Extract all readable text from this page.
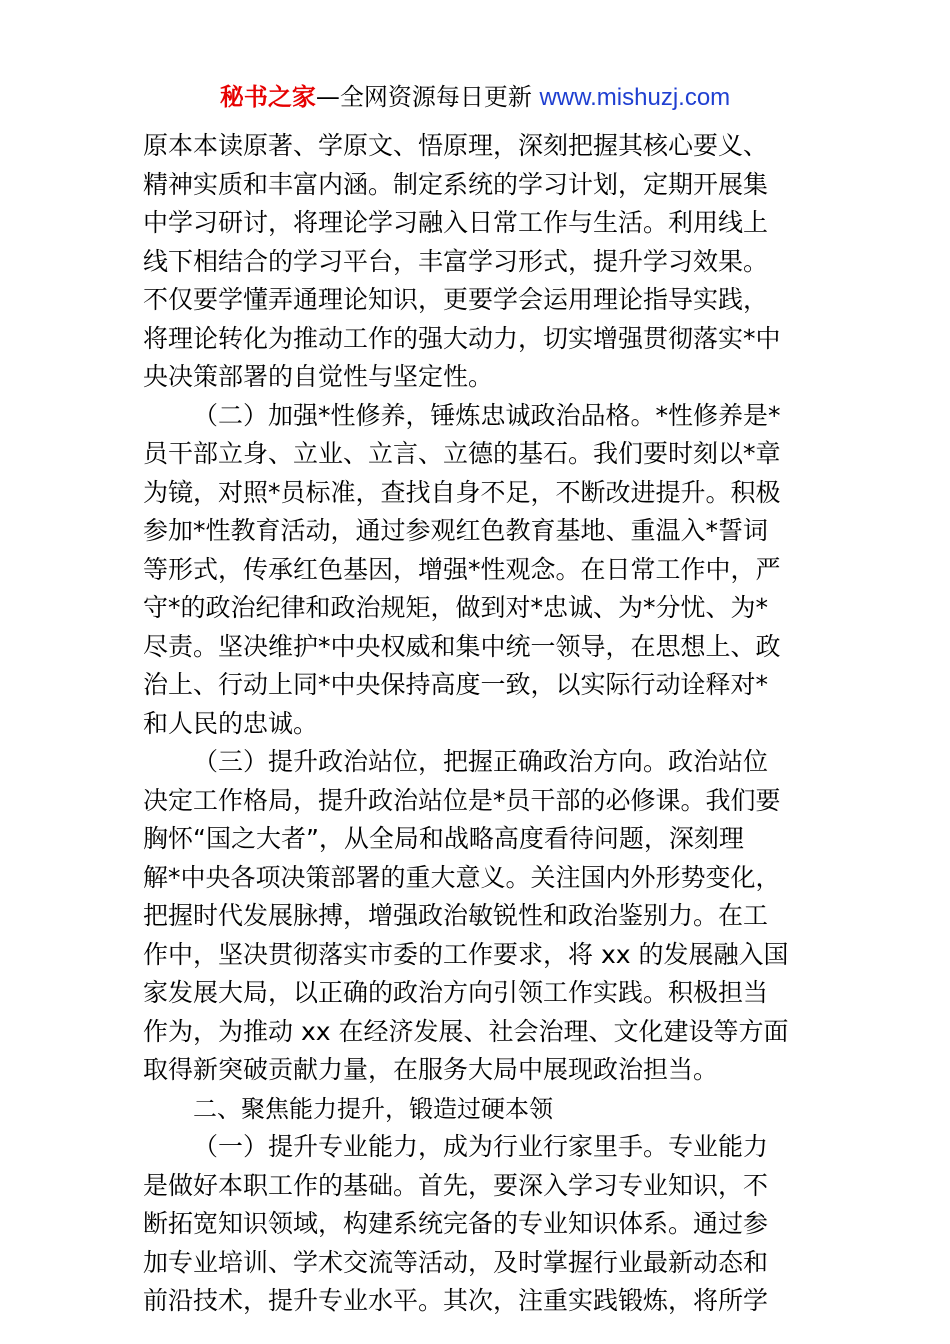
秘书之家—全网资源每日更新 www.mishuzj.com
原本本读原著、学原文、悟原理，深刻把握其核心要义、
精神实质和丰富内涵。制定系统的学习计划，定期开展集
中学习研讨，将理论学习融入日常工作与生活。利用线上
线下相结合的学习平台，丰富学习形式，提升学习效果。
不仅要学懂弄通理论知识，更要学会运用理论指导实践，
将理论转化为推动工作的强大动力，切实增强贯彻落实*中
央决策部署的自觉性与坚定性。
（二）加强*性修养，锤炼忠诚政治品格。*性修养是*
员干部立身、立业、立言、立德的基石。我们要时刻以*章
为镜，对照*员标准，查找自身不足，不断改进提升。积极
参加*性教育活动，通过参观红色教育基地、重温入*誓词
等形式，传承红色基因，增强*性观念。在日常工作中，严
守*的政治纪律和政治规矩，做到对*忠诚、为*分忧、为*
尽责。坚决维护*中央权威和集中统一领导，在思想上、政
治上、行动上同*中央保持高度一致，以实际行动诠释对*
和人民的忠诚。
（三）提升政治站位，把握正确政治方向。政治站位
决定工作格局，提升政治站位是*员干部的必修课。我们要
胸怀“国之大者”，从全局和战略高度看待问题，深刻理
解*中央各项决策部署的重大意义。关注国内外形势变化，
把握时代发展脉搏，增强政治敏锐性和政治鉴别力。在工
作中，坚决贯彻落实市委的工作要求，将 xx 的发展融入国
家发展大局，以正确的政治方向引领工作实践。积极担当
作为，为推动 xx 在经济发展、社会治理、文化建设等方面
取得新突破贡献力量，在服务大局中展现政治担当。
二、聚焦能力提升，锻造过硬本领
（一）提升专业能力，成为行业行家里手。专业能力
是做好本职工作的基础。首先，要深入学习专业知识，不
断拓宽知识领域，构建系统完备的专业知识体系。通过参
加专业培训、学术交流等活动，及时掌握行业最新动态和
前沿技术，提升专业水平。其次，注重实践锻炼，将所学
